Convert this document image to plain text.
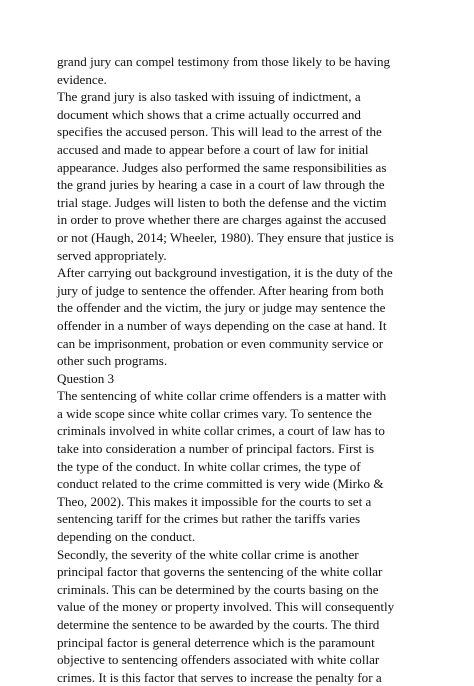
grand jury can compel testimony from those likely to be having
evidence.
The grand jury is also tasked with issuing of indictment, a
document which shows that a crime actually occurred and
specifies the accused person. This will lead to the arrest of the
accused and made to appear before a court of law for initial
appearance. Judges also performed the same responsibilities as
the grand juries by hearing a case in a court of law through the
trial stage. Judges will listen to both the defense and the victim
in order to prove whether there are charges against the accused
or not (Haugh, 2014; Wheeler, 1980). They ensure that justice is
served appropriately.
After carrying out background investigation, it is the duty of the
jury of judge to sentence the offender. After hearing from both
the offender and the victim, the jury or judge may sentence the
offender in a number of ways depending on the case at hand. It
can be imprisonment, probation or even community service or
other such programs.
Question 3
The sentencing of white collar crime offenders is a matter with
a wide scope since white collar crimes vary. To sentence the
criminals involved in white collar crimes, a court of law has to
take into consideration a number of principal factors. First is
the type of the conduct. In white collar crimes, the type of
conduct related to the crime committed is very wide (Mirko &
Theo, 2002). This makes it impossible for the courts to set a
sentencing tariff for the crimes but rather the tariffs varies
depending on the conduct.
Secondly, the severity of the white collar crime is another
principal factor that governs the sentencing of the white collar
criminals. This can be determined by the courts basing on the
value of the money or property involved. This will consequently
determine the sentence to be awarded by the courts. The third
principal factor is general deterrence which is the paramount
objective to sentencing offenders associated with white collar
crimes. It is this factor that serves to increase the penalty for a
